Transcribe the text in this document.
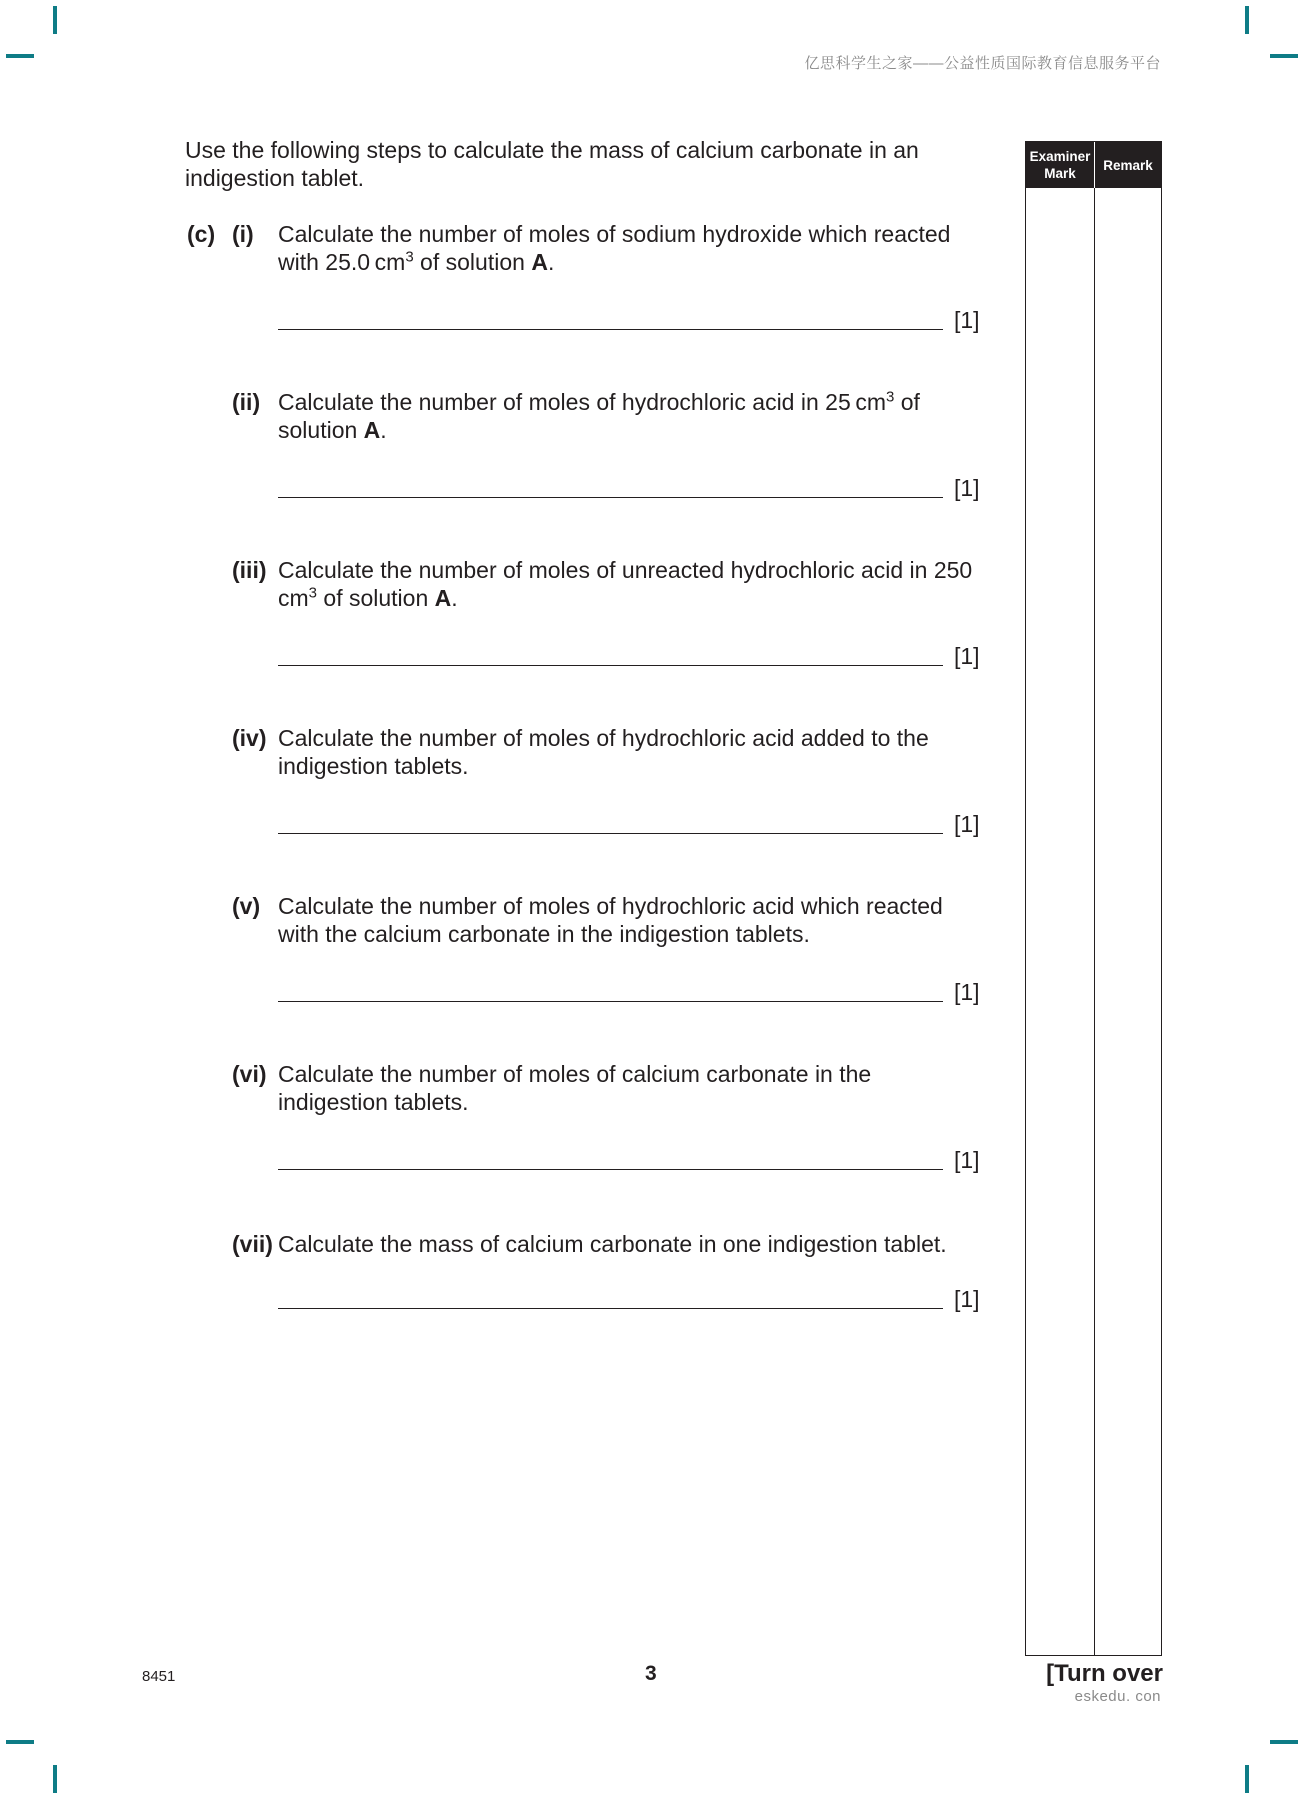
亿思科学生之家——公益性质国际教育信息服务平台
Use the following steps to calculate the mass of calcium carbonate in an indigestion tablet.
(c) (i) Calculate the number of moles of sodium hydroxide which reacted with 25.0 $cm^3$ of solution A.
[1]
(ii) Calculate the number of moles of hydrochloric acid in 25 $cm^3$ of solution A.
[1]
(iii) Calculate the number of moles of unreacted hydrochloric acid in 250 $cm^3$ of solution A.
[1]
(iv) Calculate the number of moles of hydrochloric acid added to the indigestion tablets.
[1]
(v) Calculate the number of moles of hydrochloric acid which reacted with the calcium carbonate in the indigestion tablets.
[1]
(vi) Calculate the number of moles of calcium carbonate in the indigestion tablets.
[1]
(vii) Calculate the mass of calcium carbonate in one indigestion tablet.
[1]
Examiner
Mark
Remark
8451	3	[Turn over
eskedu. con
